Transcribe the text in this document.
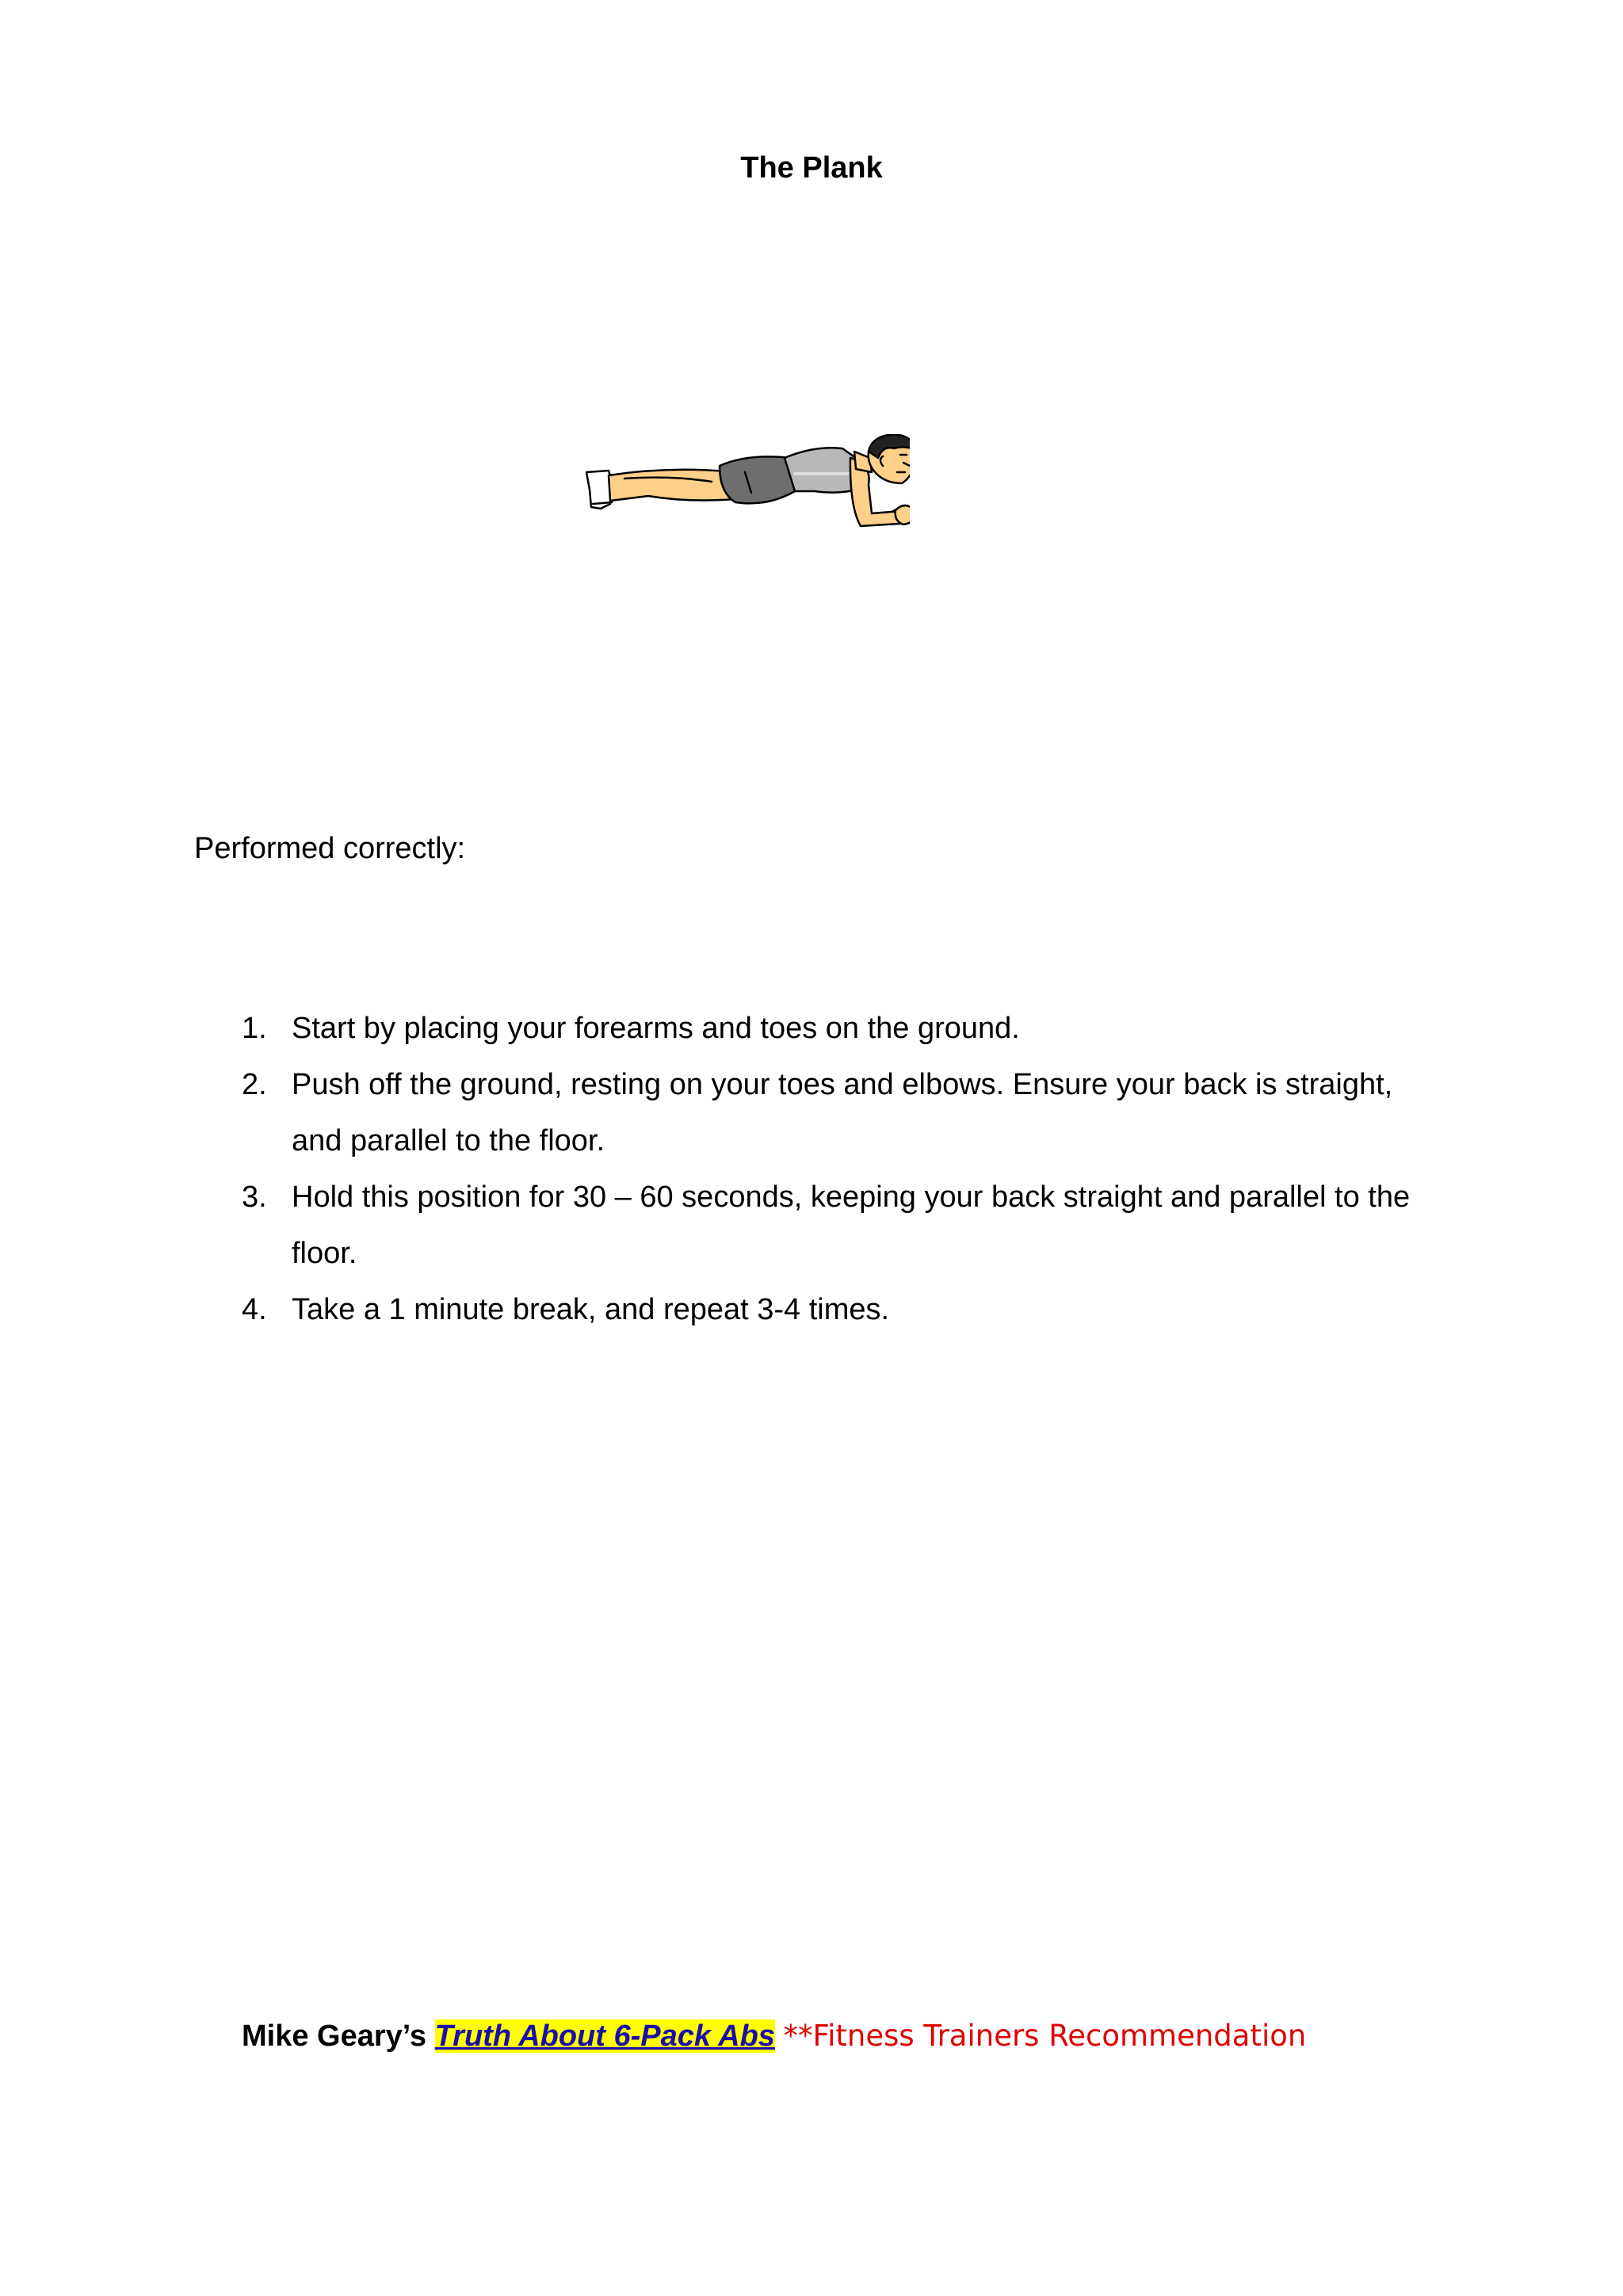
The Plank
Performed correctly:
1. Start by placing your forearms and toes on the ground.
2. Push off the ground, resting on your toes and elbows. Ensure your back is straight, and parallel to the floor.
3. Hold this position for 30 – 60 seconds, keeping your back straight and parallel to the floor.
4. Take a 1 minute break, and repeat 3-4 times.
Mike Geary’s Truth About 6-Pack Abs **Fitness Trainers Recommendation
